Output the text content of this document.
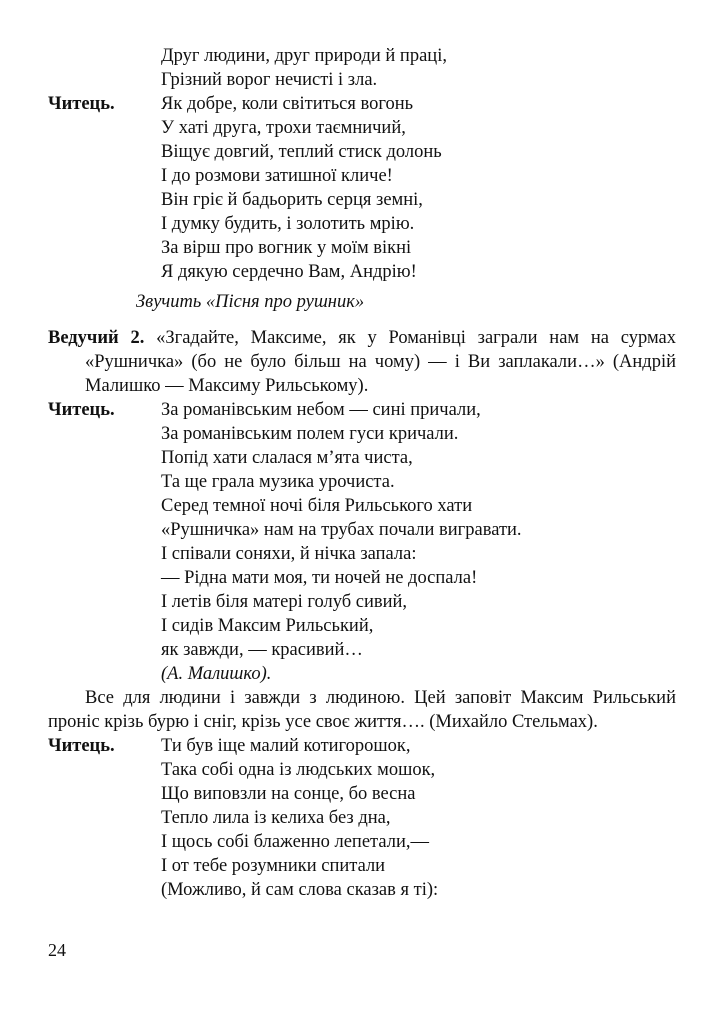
Друг людини, друг природи й праці,
Грізний ворог нечисті і зла.
Читець.	Як добре, коли світиться вогонь
У хаті друга, трохи таємничий,
Віщує довгий, теплий стиск долонь
І до розмови затишної кличе!
Він гріє й бадьорить серця земні,
І думку будить, і золотить мрію.
За вірш про вогник у моїм вікні
Я дякую сердечно Вам, Андрію!
Звучить «Пісня про рушник»
Ведучий 2. «Згадайте, Максиме, як у Романівці заграли нам на сурмах «Рушничка» (бо не було більш на чому) — і Ви заплакали…» (Андрій Малишко — Максиму Рильському).
Читець.	За романівським небом — сині причали,
За романівським полем гуси кричали.
Попід хати слалася м’ята чиста,
Та ще грала музика урочиста.
Серед темної ночі біля Рильського хати
«Рушничка» нам на трубах почали вигравати.
І співали соняхи, й нічка запала:
— Рідна мати моя, ти ночей не доспала!
І летів біля матері голуб сивий,
І сидів Максим Рильський,
як завжди, — красивий…
(А. Малишко).
Все для людини і завжди з людиною. Цей заповіт Максим Рильський проніс крізь бурю і сніг, крізь усе своє життя…. (Михайло Стельмах).
Читець.	Ти був іще малий котигорошок,
Така собі одна із людських мошок,
Що виповзли на сонце, бо весна
Тепло лила із келиха без дна,
І щось собі блаженно лепетали,—
І от тебе розумники спитали
(Можливо, й сам слова сказав я ті):
24
